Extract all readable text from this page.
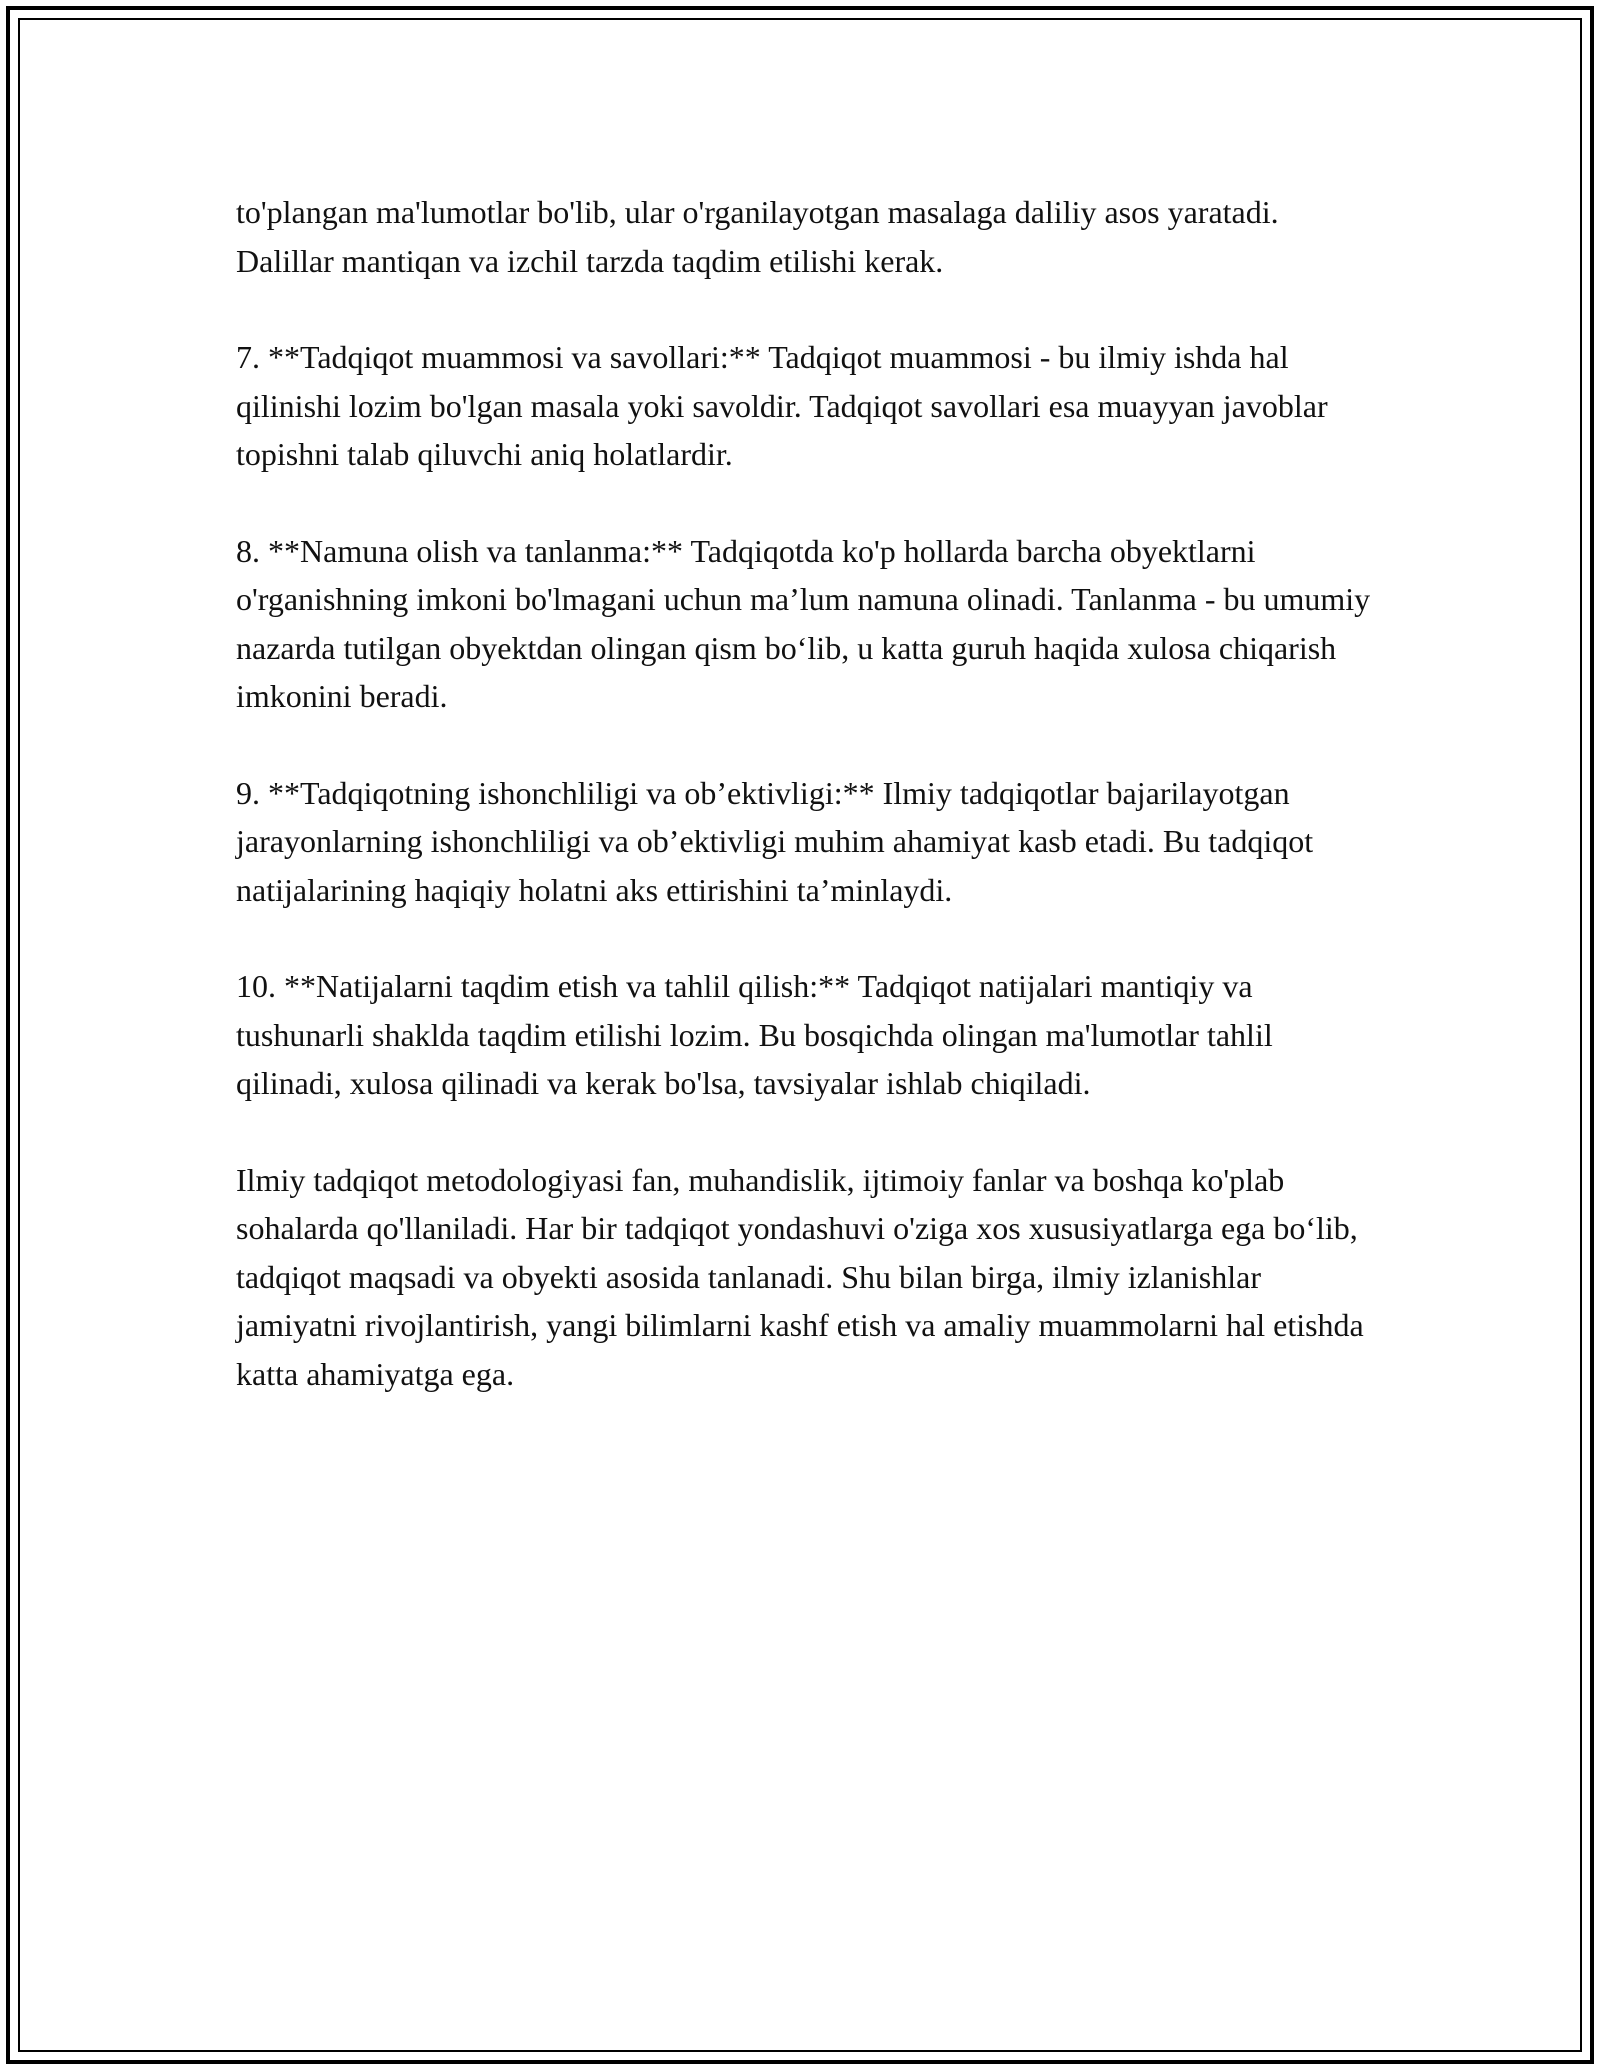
to'plangan ma'lumotlar bo'lib, ular o'rganilayotgan masalaga daliliy asos yaratadi. Dalillar mantiqan va izchil tarzda taqdim etilishi kerak.

7. **Tadqiqot muammosi va savollari:** Tadqiqot muammosi - bu ilmiy ishda hal qilinishi lozim bo'lgan masala yoki savoldir. Tadqiqot savollari esa muayyan javoblar topishni talab qiluvchi aniq holatlardir.

8. **Namuna olish va tanlanma:** Tadqiqotda ko'p hollarda barcha obyektlarni o'rganishning imkoni bo'lmagani uchun ma’lum namuna olinadi. Tanlanma - bu umumiy nazarda tutilgan obyektdan olingan qism bo‘lib, u katta guruh haqida xulosa chiqarish imkonini beradi.

9. **Tadqiqotning ishonchliligi va ob’ektivligi:** Ilmiy tadqiqotlar bajarilayotgan jarayonlarning ishonchliligi va ob’ektivligi muhim ahamiyat kasb etadi. Bu tadqiqot natijalarining haqiqiy holatni aks ettirishini ta’minlaydi.

10. **Natijalarni taqdim etish va tahlil qilish:** Tadqiqot natijalari mantiqiy va tushunarli shaklda taqdim etilishi lozim. Bu bosqichda olingan ma'lumotlar tahlil qilinadi, xulosa qilinadi va kerak bo'lsa, tavsiyalar ishlab chiqiladi.

Ilmiy tadqiqot metodologiyasi fan, muhandislik, ijtimoiy fanlar va boshqa ko'plab sohalarda qo'llaniladi. Har bir tadqiqot yondashuvi o'ziga xos xususiyatlarga ega bo‘lib, tadqiqot maqsadi va obyekti asosida tanlanadi. Shu bilan birga, ilmiy izlanishlar jamiyatni rivojlantirish, yangi bilimlarni kashf etish va amaliy muammolarni hal etishda katta ahamiyatga ega.
